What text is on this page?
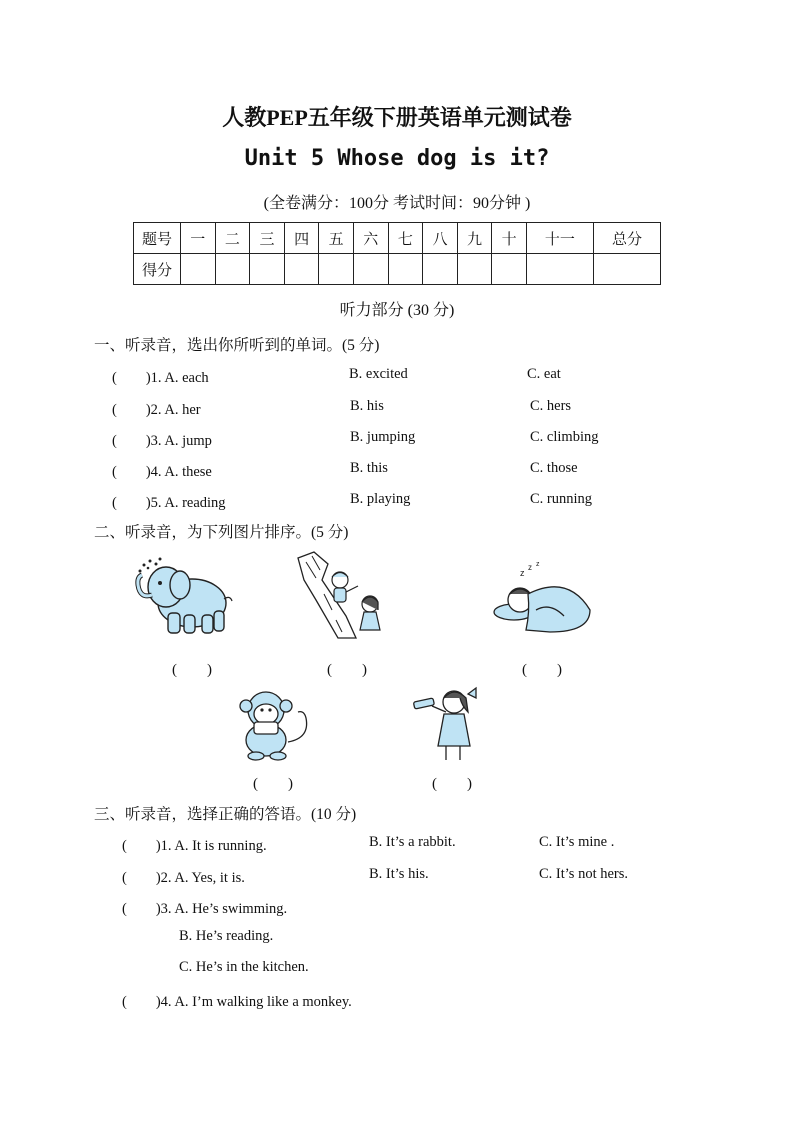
人教PEP五年级下册英语单元测试卷
Unit 5 Whose dog is it?
(全卷满分：100分 考试时间：90分钟 )
题号	一	二	三	四	五	六	七	八	九	十	十一	总分
得分												
听力部分 (30 分)
一、听录音，选出你所听到的单词。(5 分)
(　　)1. A. each	B. excited	C. eat
(　　)2. A. her	B. his	C. hers
(　　)3. A. jump	B. jumping	C. climbing
(　　)4. A. these	B. this	C. those
(　　)5. A. reading	B. playing	C. running
二、听录音，为下列图片排序。(5 分)
z
z z
(　　)	(　　)	(　　)
(　　)	(　　)
三、听录音，选择正确的答语。(10 分)
(　　)1. A. It is running.	B. It’s a rabbit.	C. It’s mine .
(　　)2. A. Yes, it is.	B. It’s his.	C. It’s not hers.
(　　)3. A. He’s swimming.
B. He’s reading.
C. He’s in the kitchen.
(　　)4. A. I’m walking like a monkey.
